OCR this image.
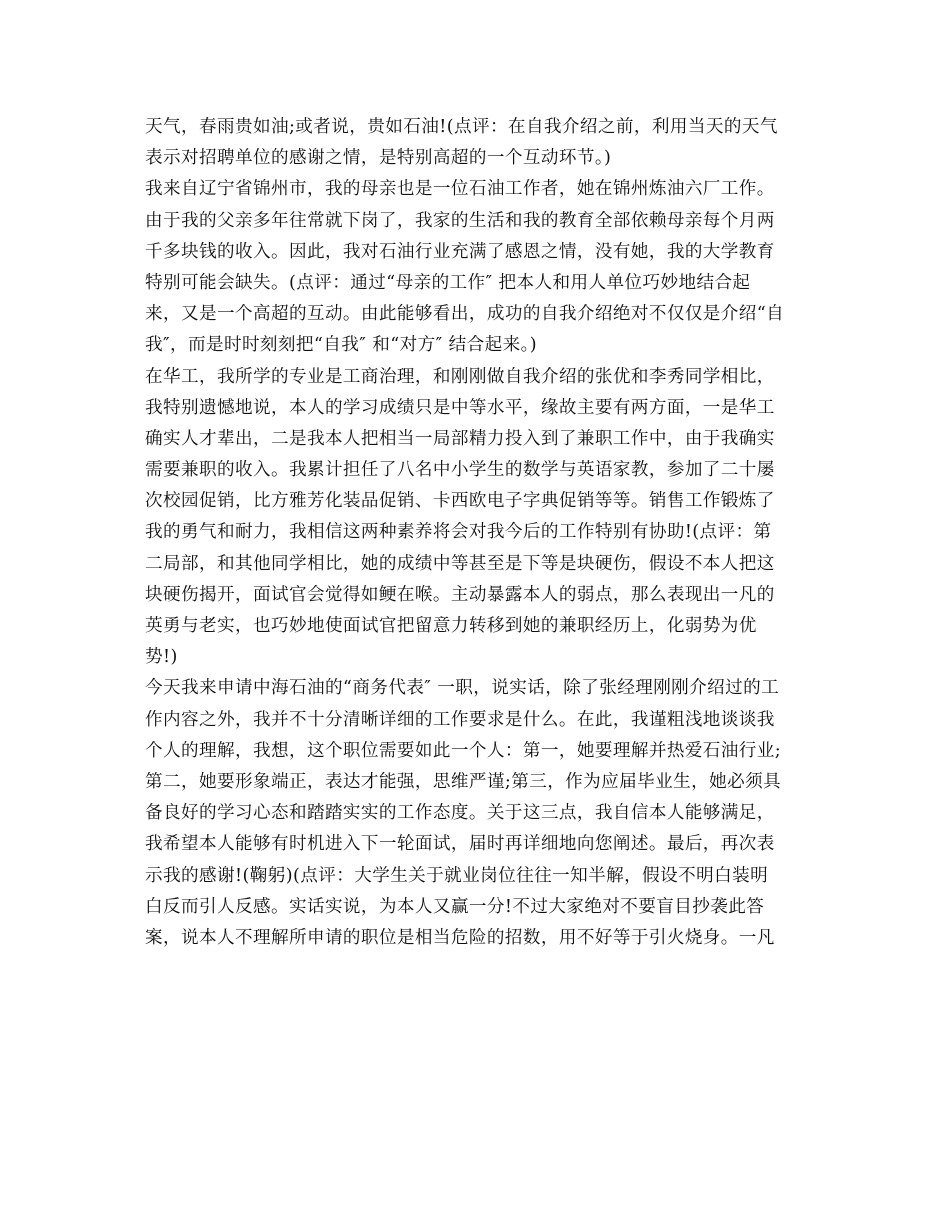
天气，春雨贵如油;或者说，贵如石油!(点评：在自我介绍之前，利用当天的天气
表示对招聘单位的感谢之情，是特别高超的一个互动环节。)
我来自辽宁省锦州市，我的母亲也是一位石油工作者，她在锦州炼油六厂工作。
由于我的父亲多年往常就下岗了，我家的生活和我的教育全部依赖母亲每个月两
千多块钱的收入。因此，我对石油行业充满了感恩之情，没有她，我的大学教育
特别可能会缺失。(点评：通过“母亲的工作″ 把本人和用人单位巧妙地结合起
来，又是一个高超的互动。由此能够看出，成功的自我介绍绝对不仅仅是介绍“自
我″，而是时时刻刻把“自我″ 和“对方″ 结合起来。)
在华工，我所学的专业是工商治理，和刚刚做自我介绍的张优和李秀同学相比，
我特别遗憾地说，本人的学习成绩只是中等水平，缘故主要有两方面，一是华工
确实人才辈出，二是我本人把相当一局部精力投入到了兼职工作中，由于我确实
需要兼职的收入。我累计担任了八名中小学生的数学与英语家教，参加了二十屡
次校园促销，比方雅芳化装品促销、卡西欧电子字典促销等等。销售工作锻炼了
我的勇气和耐力，我相信这两种素养将会对我今后的工作特别有协助!(点评：第
二局部，和其他同学相比，她的成绩中等甚至是下等是块硬伤，假设不本人把这
块硬伤揭开，面试官会觉得如鲠在喉。主动暴露本人的弱点，那么表现出一凡的
英勇与老实，也巧妙地使面试官把留意力转移到她的兼职经历上，化弱势为优
势!)
今天我来申请中海石油的“商务代表″ 一职，说实话，除了张经理刚刚介绍过的工
作内容之外，我并不十分清晰详细的工作要求是什么。在此，我谨粗浅地谈谈我
个人的理解，我想，这个职位需要如此一个人：第一，她要理解并热爱石油行业;
第二，她要形象端正，表达才能强，思维严谨;第三，作为应届毕业生，她必须具
备良好的学习心态和踏踏实实的工作态度。关于这三点，我自信本人能够满足，
我希望本人能够有时机进入下一轮面试，届时再详细地向您阐述。最后，再次表
示我的感谢!(鞠躬)(点评：大学生关于就业岗位往往一知半解，假设不明白装明
白反而引人反感。实话实说，为本人又赢一分!不过大家绝对不要盲目抄袭此答
案，说本人不理解所申请的职位是相当危险的招数，用不好等于引火烧身。一凡
